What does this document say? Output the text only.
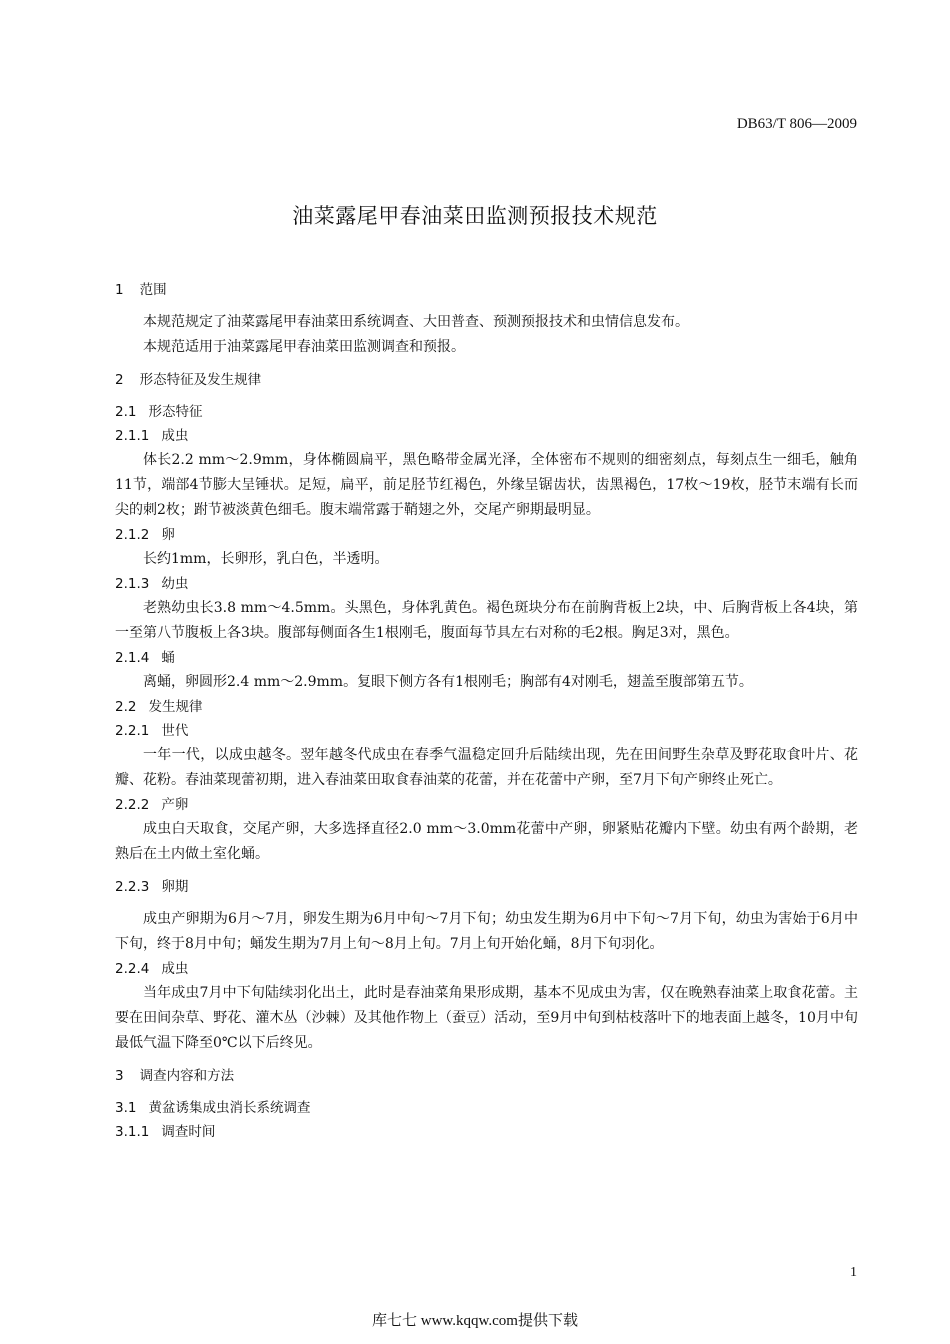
DB63/T 806—2009
油菜露尾甲春油菜田监测预报技术规范

1 范围

本规范规定了油菜露尾甲春油菜田系统调查、大田普查、预测预报技术和虫情信息发布。

本规范适用于油菜露尾甲春油菜田监测调查和预报。

2 形态特征及发生规律

2.1 形态特征

2.1.1 成虫

体长2.2 mm～2.9mm，身体椭圆扁平，黑色略带金属光泽，全体密布不规则的细密刻点，每刻点生一细毛，触角11节，端部4节膨大呈锤状。足短，扁平，前足胫节红褐色，外缘呈锯齿状，齿黑褐色，17枚～19枚，胫节末端有长而尖的刺2枚；跗节被淡黄色细毛。腹末端常露于鞘翅之外，交尾产卵期最明显。

2.1.2 卵

长约1mm，长卵形，乳白色，半透明。

2.1.3 幼虫

老熟幼虫长3.8 mm～4.5mm。头黑色，身体乳黄色。褐色斑块分布在前胸背板上2块，中、后胸背板上各4块，第一至第八节腹板上各3块。腹部每侧面各生1根刚毛，腹面每节具左右对称的毛2根。胸足3对，黑色。

2.1.4 蛹

离蛹，卵圆形2.4 mm～2.9mm。复眼下侧方各有1根刚毛；胸部有4对刚毛，翅盖至腹部第五节。

2.2 发生规律

2.2.1 世代

一年一代，以成虫越冬。翌年越冬代成虫在春季气温稳定回升后陆续出现，先在田间野生杂草及野花取食叶片、花瓣、花粉。春油菜现蕾初期，进入春油菜田取食春油菜的花蕾，并在花蕾中产卵，至7月下旬产卵终止死亡。

2.2.2 产卵

成虫白天取食，交尾产卵，大多选择直径2.0 mm～3.0mm花蕾中产卵，卵紧贴花瓣内下壁。幼虫有两个龄期，老熟后在土内做土室化蛹。

2.2.3 卵期

成虫产卵期为6月～7月，卵发生期为6月中旬～7月下旬；幼虫发生期为6月中下旬～7月下旬，幼虫为害始于6月中下旬，终于8月中旬；蛹发生期为7月上旬～8月上旬。7月上旬开始化蛹，8月下旬羽化。

2.2.4 成虫

当年成虫7月中下旬陆续羽化出土，此时是春油菜角果形成期，基本不见成虫为害，仅在晚熟春油菜上取食花蕾。主要在田间杂草、野花、灌木丛（沙棘）及其他作物上（蚕豆）活动，至9月中旬到枯枝落叶下的地表面上越冬，10月中旬最低气温下降至0℃以下后终见。

3 调查内容和方法

3.1 黄盆诱集成虫消长系统调查

3.1.1 调查时间

1
库七七 www.kqqw.com提供下载
